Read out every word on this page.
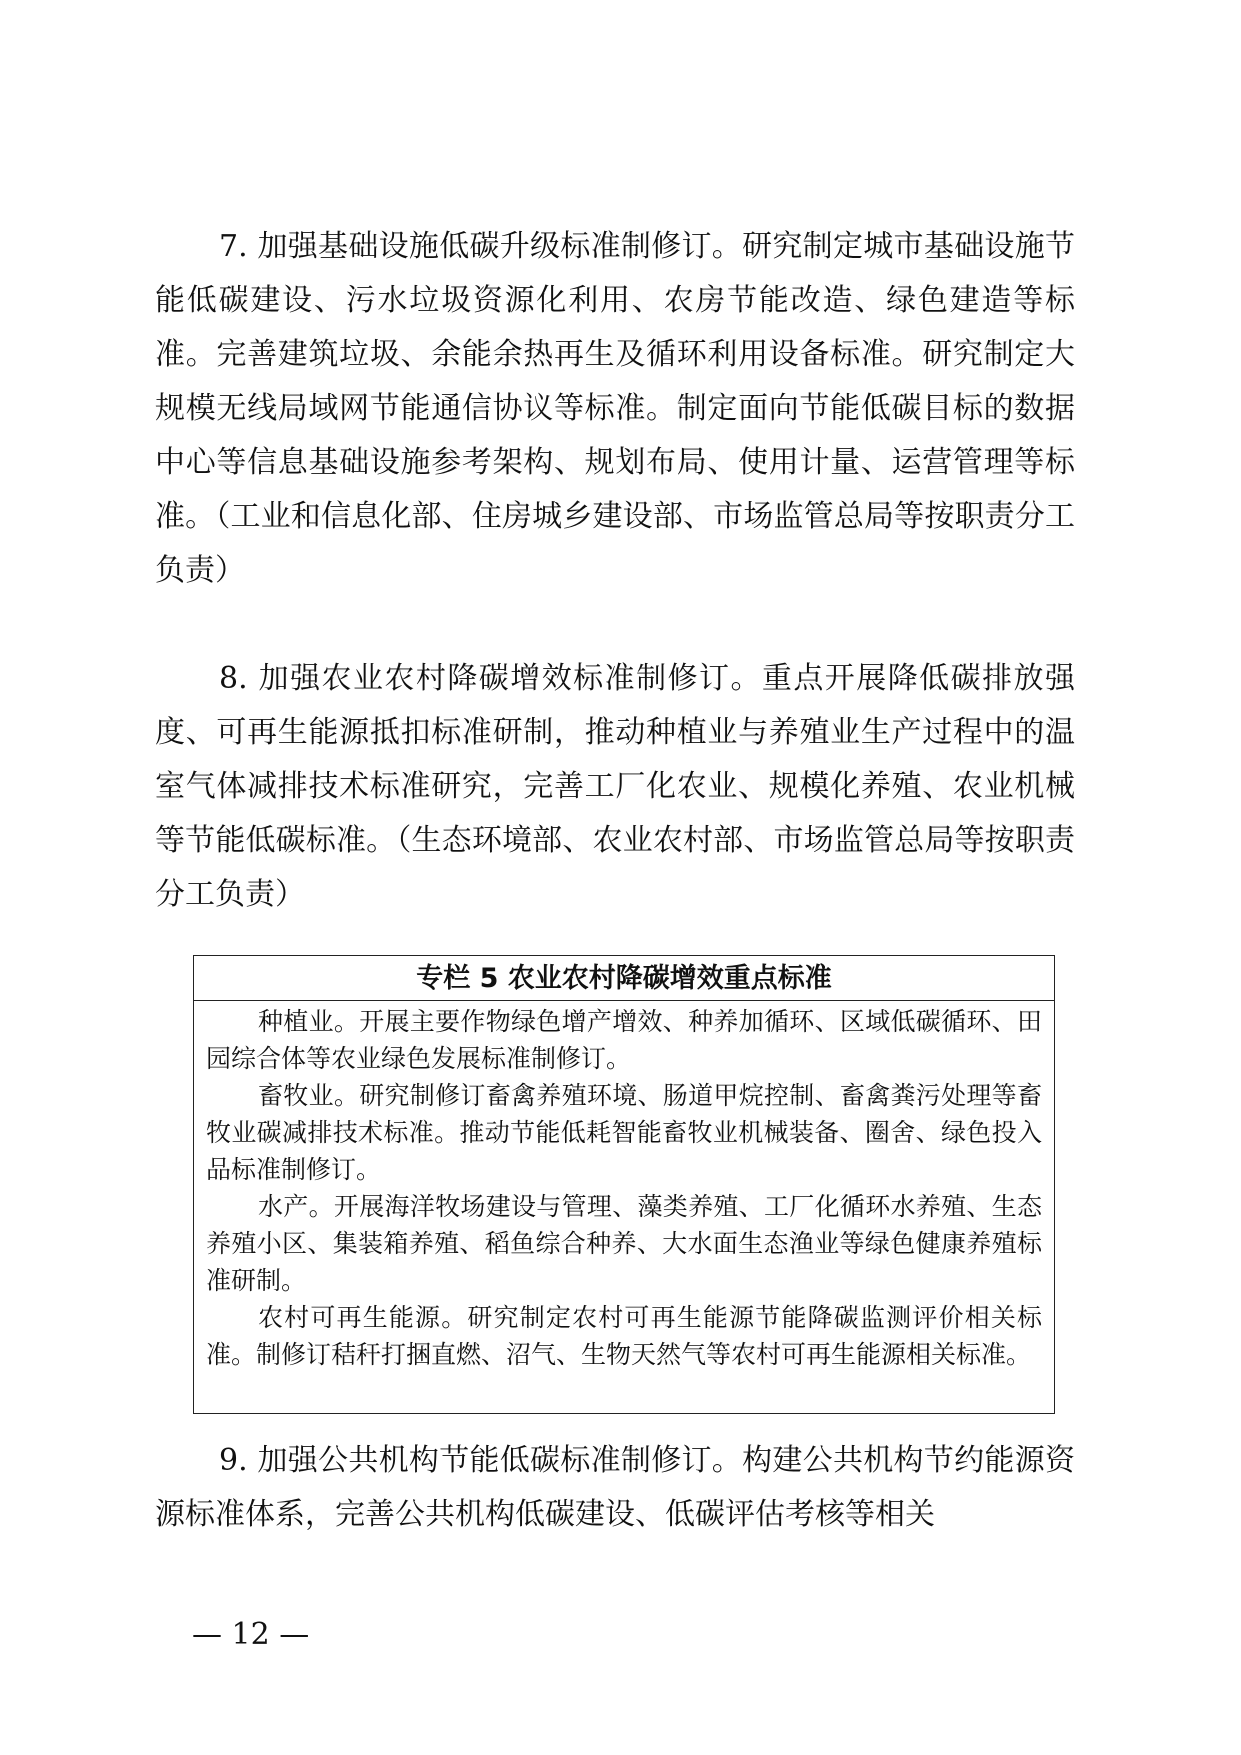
7. 加强基础设施低碳升级标准制修订。研究制定城市基础设施节能低碳建设、污水垃圾资源化利用、农房节能改造、绿色建造等标准。完善建筑垃圾、余能余热再生及循环利用设备标准。研究制定大规模无线局域网节能通信协议等标准。制定面向节能低碳目标的数据中心等信息基础设施参考架构、规划布局、使用计量、运营管理等标准。（工业和信息化部、住房城乡建设部、市场监管总局等按职责分工负责）

8. 加强农业农村降碳增效标准制修订。重点开展降低碳排放强度、可再生能源抵扣标准研制，推动种植业与养殖业生产过程中的温室气体减排技术标准研究，完善工厂化农业、规模化养殖、农业机械等节能低碳标准。（生态环境部、农业农村部、市场监管总局等按职责分工负责）

专栏 5 农业农村降碳增效重点标准

种植业。开展主要作物绿色增产增效、种养加循环、区域低碳循环、田园综合体等农业绿色发展标准制修订。

畜牧业。研究制修订畜禽养殖环境、肠道甲烷控制、畜禽粪污处理等畜牧业碳减排技术标准。推动节能低耗智能畜牧业机械装备、圈舍、绿色投入品标准制修订。

水产。开展海洋牧场建设与管理、藻类养殖、工厂化循环水养殖、生态养殖小区、集装箱养殖、稻鱼综合种养、大水面生态渔业等绿色健康养殖标准研制。

农村可再生能源。研究制定农村可再生能源节能降碳监测评价相关标准。制修订秸秆打捆直燃、沼气、生物天然气等农村可再生能源相关标准。

9. 加强公共机构节能低碳标准制修订。构建公共机构节约能源资源标准体系，完善公共机构低碳建设、低碳评估考核等相关

— 12 —
